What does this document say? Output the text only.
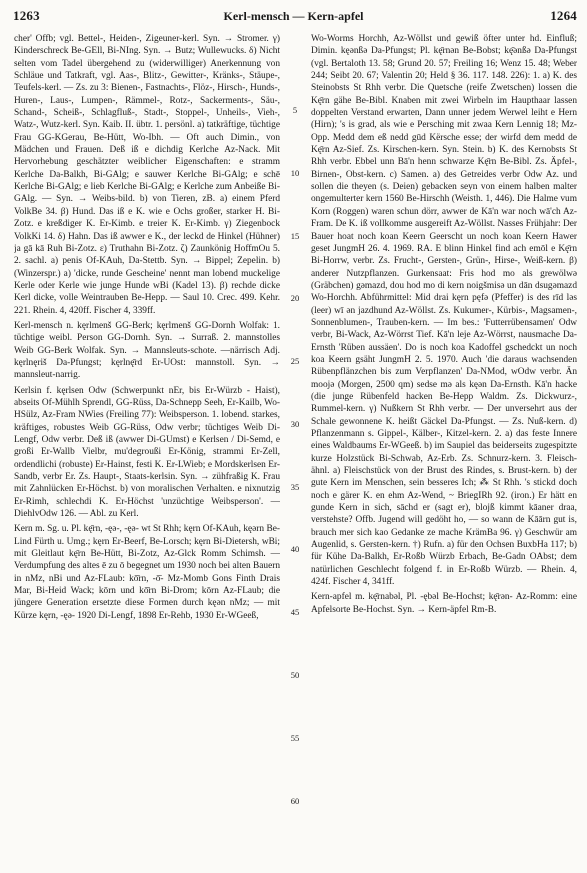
1263	Kerl-mensch — Kern-apfel	1264

cher' Offb; vgl. Bettel-, Heiden-, Zigeuner-kerl. Syn. → Stromer. γ) Kinderschreck Be-GEll, Bi-NIng. Syn. → Butz; Wullewucks. δ) Nicht selten vom Tadel übergehend zu (widerwilliger) Anerkennung von Schläue und Tatkraft, vgl. Aas-, Blitz-, Gewitter-, Kränks-, Stäupe-, Teufels-kerl. — Zs. zu 3: Bienen-, Fastnachts-, Flöz-, Hirsch-, Hunds-, Huren-, Laus-, Lumpen-, Rämmel-, Rotz-, Sackerments-, Säu-, Schand-, Scheiß-, Schlagfluß-, Stadt-, Stoppel-, Unheils-, Vieh-, Watz-, Wutz-kerl. Syn. Kaib. II. übtr. 1. persönl. a) tatkräftige, tüchtige Frau GG-KGerau, Be-Hütt, Wo-Ibh. — Oft auch Dimin., von Mädchen und Frauen. Deß iß e dichdig Kerlche Az-Nack. Mit Hervorhebung geschätzter weiblicher Eigenschaften: e stramm Kerlche Da-Balkh, Bi-GAlg; e sauwer Kerlche Bi-GAlg; e schē Kerlche Bi-GAlg; e lieb Kerlche Bi-GAlg; e Kerlche zum Anbeiße Bi-GAlg. — Syn. → Weibs-bild. b) von Tieren, zB. a) einem Pferd VolkBe 34. β) Hund. Das iß e K. wie e Ochs großer, starker H. Bi-Zotz. e kreßdiger K. Er-Kimb. e treier K. Er-Kimb. γ) Ziegenbock VolkKi 14. δ) Hahn. Das iß awwer e K., der leckd de Hinkel (Hühner) ja gā kā Ruh Bi-Zotz. ε) Truthahn Bi-Zotz. ζ) Zaunkönig HoffmOu 5. 2. sachl. a) penis Of-KAuh, Da-Stettb. Syn. → Bippel; Zepelin. b) (Winzerspr.) a) 'dicke, runde Gescheine' nennt man lobend muckelige Kerle oder Kerle wie junge Hunde wBi (Kadel 13). β) rechde dicke Kerl dicke, volle Weintrauben Be-Hepp. — Saul 10. Crec. 499. Kehr. 221. Rhein. 4, 420ff. Fischer 4, 339ff.

Kerl-mensch n. kęrlmenš GG-Berk; kęrlmenš GG-Dornh Wolfak: 1. tüchtige weibl. Person GG-Dornh. Syn. → Surraß. 2. mannstolles Weib GG-Berk Wolfak. Syn. → Mannsleuts-schote. —närrisch Adj. kęrlnęriš Da-Pfungst; kęrlnę̄rd Er-UOst: mannstoll. Syn. → mannsleut-narrig.

Kerlsin f. kęrlsen Odw (Schwerpunkt nEr, bis Er-Würzb - Haist), abseits Of-Mühlh Sprendl, GG-Rüss, Da-Schnepp Seeh, Er-Kailb, Wo-HSülz, Az-Fram NWies (Freiling 77): Weibsperson. 1. lobend. starkes, kräftiges, robustes Weib GG-Rüss, Odw verbr; tüchtiges Weib Di-Lengf, Odw verbr. Deß iß (awwer Di-GUmst) e Kerlsen / Di-Semd, e großi Er-Wallb Vielbr, mu'degroußi Er-König, strammi Er-Zell, ordendlichi (robuste) Er-Hainst, festi K. Er-LWieb; e Mordskerlsen Er-Sandb, verbr Er. Zs. Haupt-, Staats-kerlsin. Syn. → zühfraßig K. Frau mit Zahnlücken Er-Höchst. b) von moralischen Verhalten. e nixnutzig Er-Rimh, schlechdi K. Er-Höchst 'unzüchtige Weibsperson'. — DiehlvOdw 126. — Abl. zu Kerl.

Kern m. Sg. u. Pl. kę̄rn, -ęə-, -ęə- wt St Rhh; kęrn Of-KAuh, kęərn Be-Lind Fürth u. Umg.; kęrn Er-Beerf, Be-Lorsch; kęrn Bi-Dietersh, wBi; mit Gleitlaut kę̄rn Be-Hütt, Bi-Zotz, Az-Glck Romm Schimsh. — Verdumpfung des altes ē zu ō begegnet um 1930 noch bei alten Bauern in nMz, nBi und Az-FLaub: kō̄rn, -ō̄- Mz-Momb Gons Finth Drais Mar, Bi-Heid Wack; kōrn und kō̄rn Bi-Drom; kōrn Az-FLaub; die jüngere Generation ersetzte diese Formen durch kęən nMz; — mit Kürze kęrn, -ęə- 1920 Di-Lengf, 1898 Er-Rehb, 1930 Er-WGeeß,

5
10
15
20
25
30
35
40
45
50
55
60

Wo-Worms Horchh, Az-Wöllst und gewiß öfter unter hd. Einfluß; Dimin. kęənßə Da-Pfungst; Pl. kę̄rnən Be-Bobst; kę̄ənßə Da-Pfungst (vgl. Bertaloth 13. 58; Grund 20. 57; Freiling 16; Wenz 15. 48; Weber 244; Seibt 20. 67; Valentin 20; Held § 36. 117. 148. 226): 1. a) K. des Steinobsts St Rhh verbr. Die Quetsche (reife Zwetschen) lossen die Kę̄rn gähe Be-Bibl. Knaben mit zwei Wirbeln im Haupthaar lassen doppelten Verstand erwarten, Dann unner jedem Werwel leiht e Hern (Hirn); 's is grad, als wie e Persching mit zwaa Kern Lennig 18; Mz-Opp. Medd dem eß nedd gūd Kërsche esse; der wirfd dem medd de Kę̄rn Az-Sief. Zs. Kirschen-kern. Syn. Stein. b) K. des Kernobsts St Rhh verbr. Ebbel unn Bā'n henn schwarze Kę̄rn Be-Bibl. Zs. Äpfel-, Birnen-, Obst-kern. c) Samen. a) des Getreides verbr Odw Az. und sollen die theyen (s. Deien) gebacken seyn von einem halben malter ongemulterter kern 1560 Be-Hirschh (Weisth. 1, 446). Die Halme vum Korn (Roggen) waren schun dörr, awwer de Kā'n war noch wā'ch Az-Fram. De K. iß vollkomme ausgereift Az-Wöllst. Nasses Frühjahr: Der Bauer hoat noch koan Keern Geerscht un noch koan Keern Hawer geset JungmH 26. 4. 1969. RA. E blinn Hinkel find ach emōl e Kę̄rn Bi-Horrw, verbr. Zs. Frucht-, Gersten-, Grün-, Hirse-, Weiß-kern. β) anderer Nutzpflanzen. Gurkensaat: Fris hod mo als grewölwə (Gräbchen) gəmazd, dou hod mo di kern noigšmisə un dān dsugəmazd Wo-Horchh. Abführmittel: Mid drai kęrn pęfə (Pfeffer) is des rīd ləs (leer) wī ən jazdhund Az-Wöllst. Zs. Kukumer-, Kürbis-, Magsamen-, Sonnenblumen-, Trauben-kern. — Im bes.: 'Futterrübensamen' Odw verbr, Bi-Wack, Az-Wörrst Tief. Kā'n leje Az-Wörrst, nausmache Da-Ernsth 'Rüben aussäen'. Do is noch koa Kadoffel gschedckt un noch koa Keern gsäht JungmH 2. 5. 1970. Auch 'die daraus wachsenden Rübenpflänzchen bis zum Verpflanzen' Da-NMod, wOdw verbr. Än moojə (Morgen, 2500 qm) sedse mə als kęən Da-Ernsth. Kā'n hacke (die junge Rübenfeld hacken Be-Hepp Waldm. Zs. Dickwurz-, Rummel-kern. γ) Nußkern St Rhh verbr. — Der unversehrt aus der Schale gewonnene K. heißt Gäckel Da-Pfungst. — Zs. Nuß-kern. d) Pflanzenmann s. Gippel-, Kälber-, Kitzel-kern. 2. a) das feste Innere eines Waldbaums Er-WGeeß. b) im Saupiel das beiderseits zugespitzte kurze Holzstück Bi-Schwab, Az-Erb. Zs. Schnurz-kern. 3. Fleisch-ähnl. a) Fleischstück von der Brust des Rindes, s. Brust-kern. b) der gute Kern im Menschen, sein besseres Ich; ⁂ St Rhh. 's stickd doch noch e gärer K. en ehm Az-Wend, ~ BriegIRh 92. (iron.) Er hätt en gunde Kern in sich, sāchd er (sagt er), blojß kimmt kāaner draa, verstehste? Offb. Jugend will gedöht ho, — so wann de Kāārn gut is, brauch mer sich kao Gedanke ze mache KrämBa 96. γ) Geschwür am Augenlid, s. Gersten-kern. †) Rufn. a) für den Ochsen BuxbHa 117; b) für Kühe Da-Balkh, Er-Roßb Würzb Erbach, Be-Gadn OAbst; dem natürlichen Geschlecht folgend f. in Er-Roßb Würzb. — Rhein. 4, 424f. Fischer 4, 341ff.

Kern-apfel m. kę̄rnabəl, Pl. -ębəl Be-Hochst; kę̄rən- Az-Romm: eine Apfelsorte Be-Hochst. Syn. → Kern-äpfel Rm-B.
